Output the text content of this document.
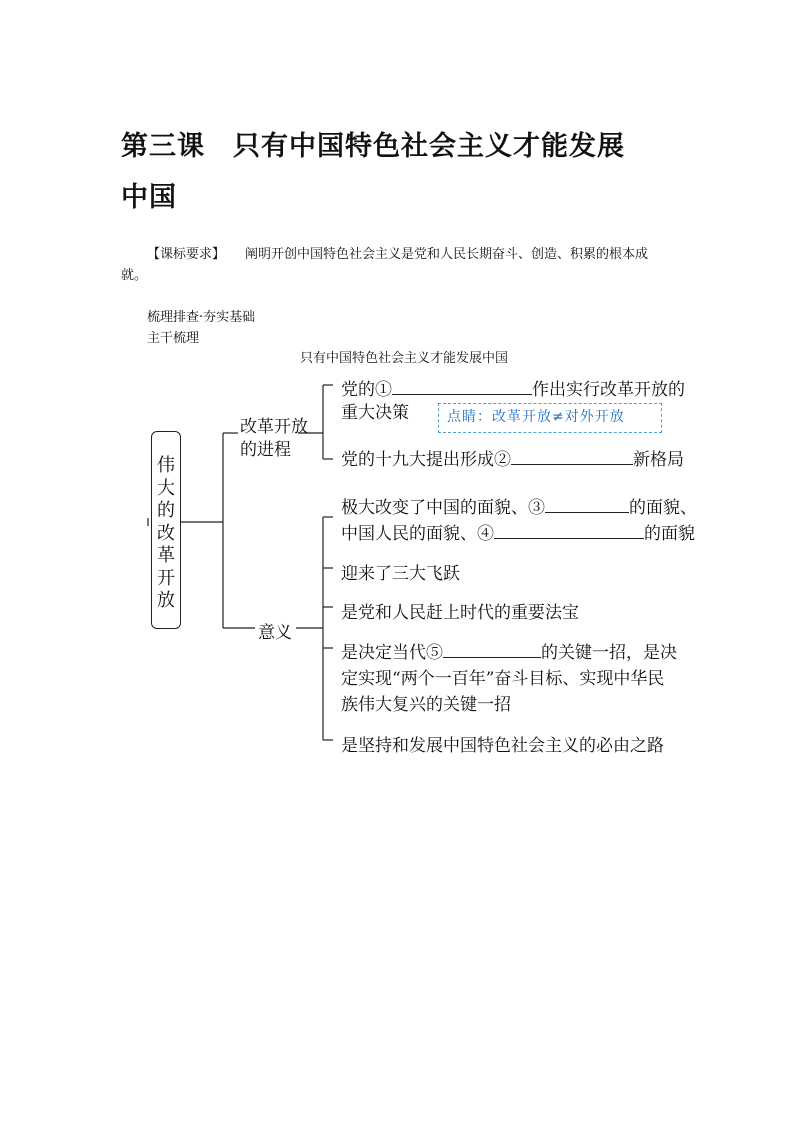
第三课　只有中国特色社会主义才能发展
中国
【课标要求】 阐明开创中国特色社会主义是党和人民长期奋斗、创造、积累的根本成
就。
梳理排查·夯实基础
主干梳理
只有中国特色社会主义才能发展中国
伟
大
的
改
革
开
放
改革开放
的进程
党的①	作出实行改革开放的
重大决策	点睛：改革开放≠对外开放
党的十九大提出形成②	新格局
意义
极大改变了中国的面貌、③	的面貌、
中国人民的面貌、④	的面貌
迎来了三大飞跃
是党和人民赶上时代的重要法宝
是决定当代⑤	的关键一招，是决
定实现“两个一百年”奋斗目标、实现中华民
族伟大复兴的关键一招
是坚持和发展中国特色社会主义的必由之路
